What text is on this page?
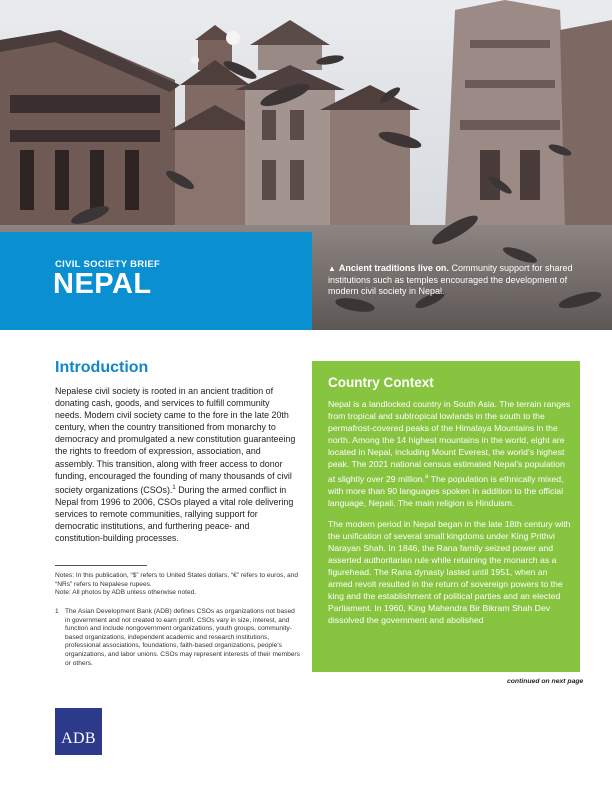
CIVIL SOCIETY BRIEF
NEPAL	▲ Ancient traditions live on. Community support for shared institutions such as temples encouraged the development of modern civil society in Nepal.
Introduction
Nepalese civil society is rooted in an ancient tradition of donating cash, goods, and services to fulfill community needs. Modern civil society came to the fore in the late 20th century, when the country transitioned from monarchy to democracy and promulgated a new constitution guaranteeing the rights to freedom of expression, association, and assembly. This transition, along with freer access to donor funding, encouraged the founding of many thousands of civil society organizations (CSOs).$^1$ During the armed conflict in Nepal from 1996 to 2006, CSOs played a vital role delivering services to remote communities, rallying support for democratic institutions, and furthering peace- and constitution-building processes.
Notes: In this publication, “$” refers to United States dollars, “€” refers to euros, and “NRs” refers to Nepalese rupees.
Note: All photos by ADB unless otherwise noted.
1 The Asian Development Bank (ADB) defines CSOs as organizations not based in government and not created to earn profit. CSOs vary in size, interest, and function and include nongovernment organizations, youth groups, community-based organizations, independent academic and research institutions, professional associations, foundations, faith-based organizations, people’s organizations, and labor unions. CSOs may represent interests of their members or others.
Country Context

Nepal is a landlocked country in South Asia. The terrain ranges from tropical and subtropical lowlands in the south to the permafrost-covered peaks of the Himalaya Mountains in the north. Among the 14 highest mountains in the world, eight are located in Nepal, including Mount Everest, the world’s highest peak. The 2021 national census estimated Nepal’s population at slightly over 29 million.$^a$ The population is ethnically mixed, with more than 90 languages spoken in addition to the official language, Nepali. The main religion is Hinduism.

The modern period in Nepal began in the late 18th century with the unification of several small kingdoms under King Prithvi Narayan Shah. In 1846, the Rana family seized power and asserted authoritarian rule while retaining the monarch as a figurehead. The Rana dynasty lasted until 1951, when an armed revolt resulted in the return of sovereign powers to the king and the establishment of political parties and an elected Parliament. In 1960, King Mahendra Bir Bikram Shah Dev dissolved the government and abolished

continued on next page
ADB
